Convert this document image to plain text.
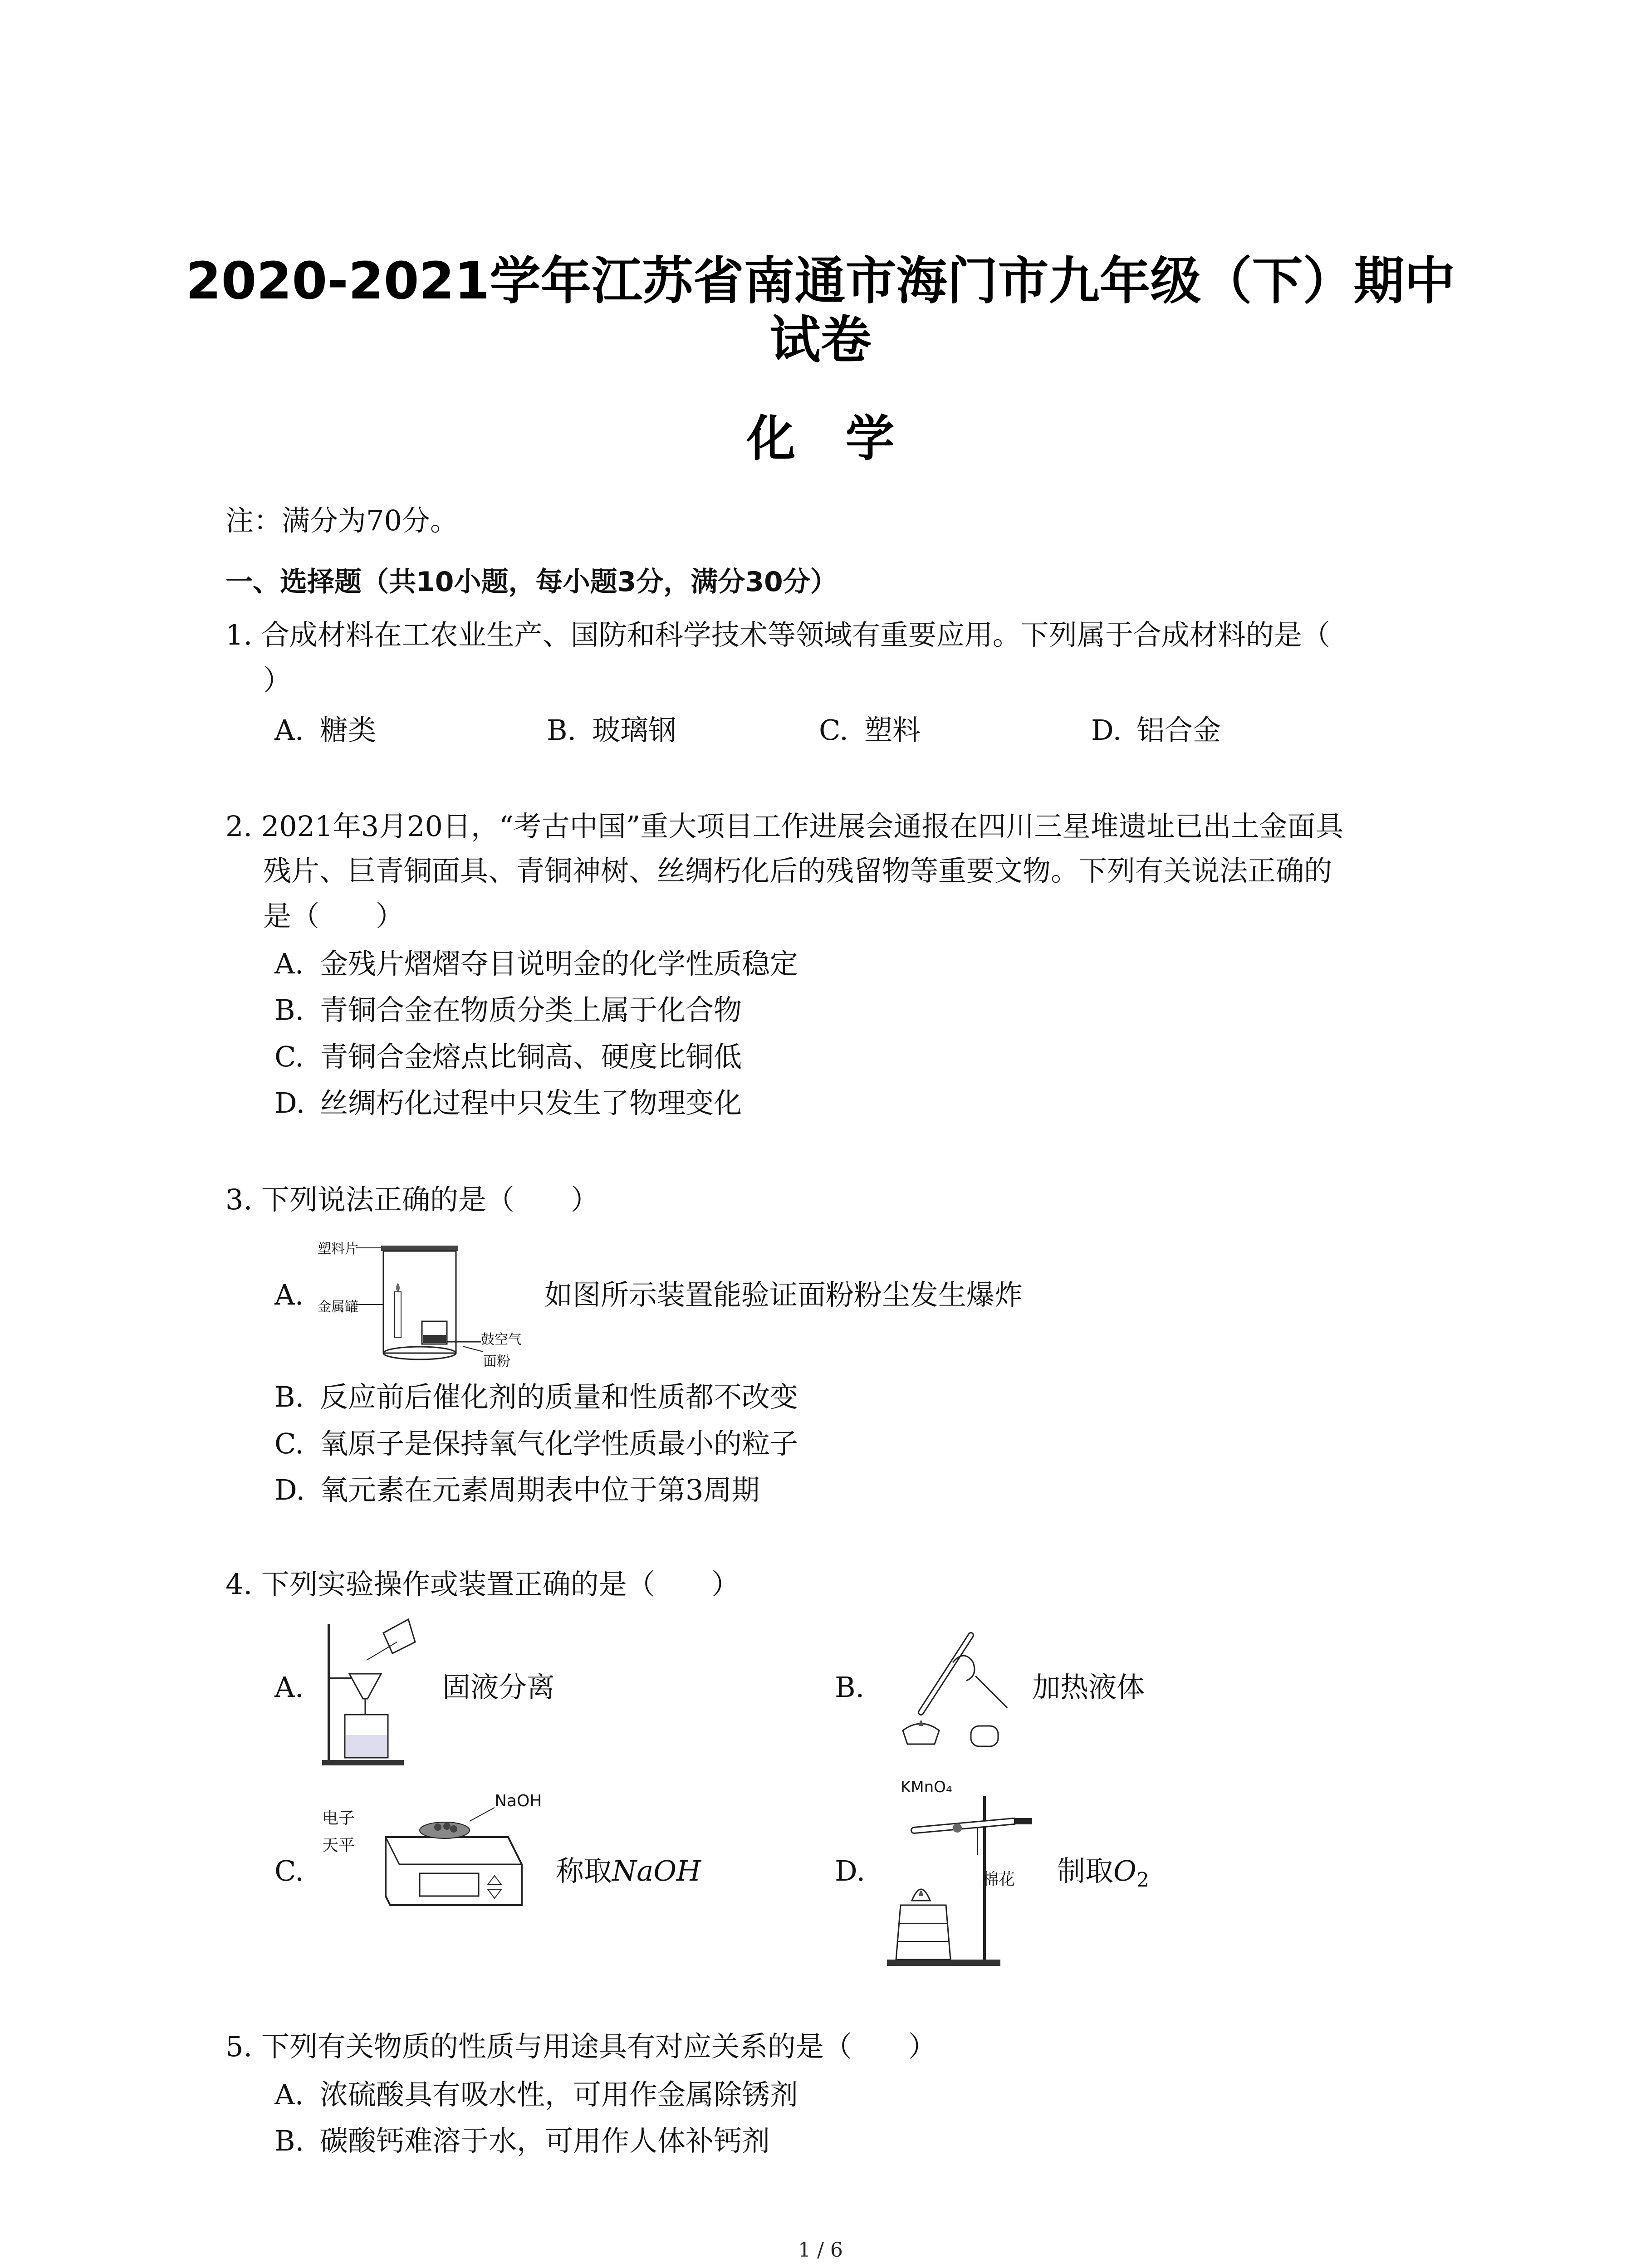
2020-2021学年江苏省南通市海门市九年级（下）期中
试卷
化学
注：满分为70分。
一、选择题（共10小题，每小题3分，满分30分）
1. 合成材料在工农业生产、国防和科学技术等领域有重要应用。下列属于合成材料的是（
）
A. 糖类	B. 玻璃钢	C. 塑料	D. 铝合金
2. 2021年3月20日，“考古中国”重大项目工作进展会通报在四川三星堆遗址已出土金面具
残片、巨青铜面具、青铜神树、丝绸朽化后的残留物等重要文物。下列有关说法正确的
是（　　）
A. 金残片熠熠夺目说明金的化学性质稳定
B. 青铜合金在物质分类上属于化合物
C. 青铜合金熔点比铜高、硬度比铜低
D. 丝绸朽化过程中只发生了物理变化
3. 下列说法正确的是（　　）
A.
塑料片
金属罐
鼓空气
面粉
如图所示装置能验证面粉粉尘发生爆炸
B. 反应前后催化剂的质量和性质都不改变
C. 氧原子是保持氧气化学性质最小的粒子
D. 氧元素在元素周期表中位于第3周期
4. 下列实验操作或装置正确的是（　　）
A.	固液分离	B.	加热液体
C.
电子
天平
NaOH
称取NaOH	D.
KMnO₄
棉花 制取$O_2$
5. 下列有关物质的性质与用途具有对应关系的是（　　）
A. 浓硫酸具有吸水性，可用作金属除锈剂
B. 碳酸钙难溶于水，可用作人体补钙剂
1 / 6
